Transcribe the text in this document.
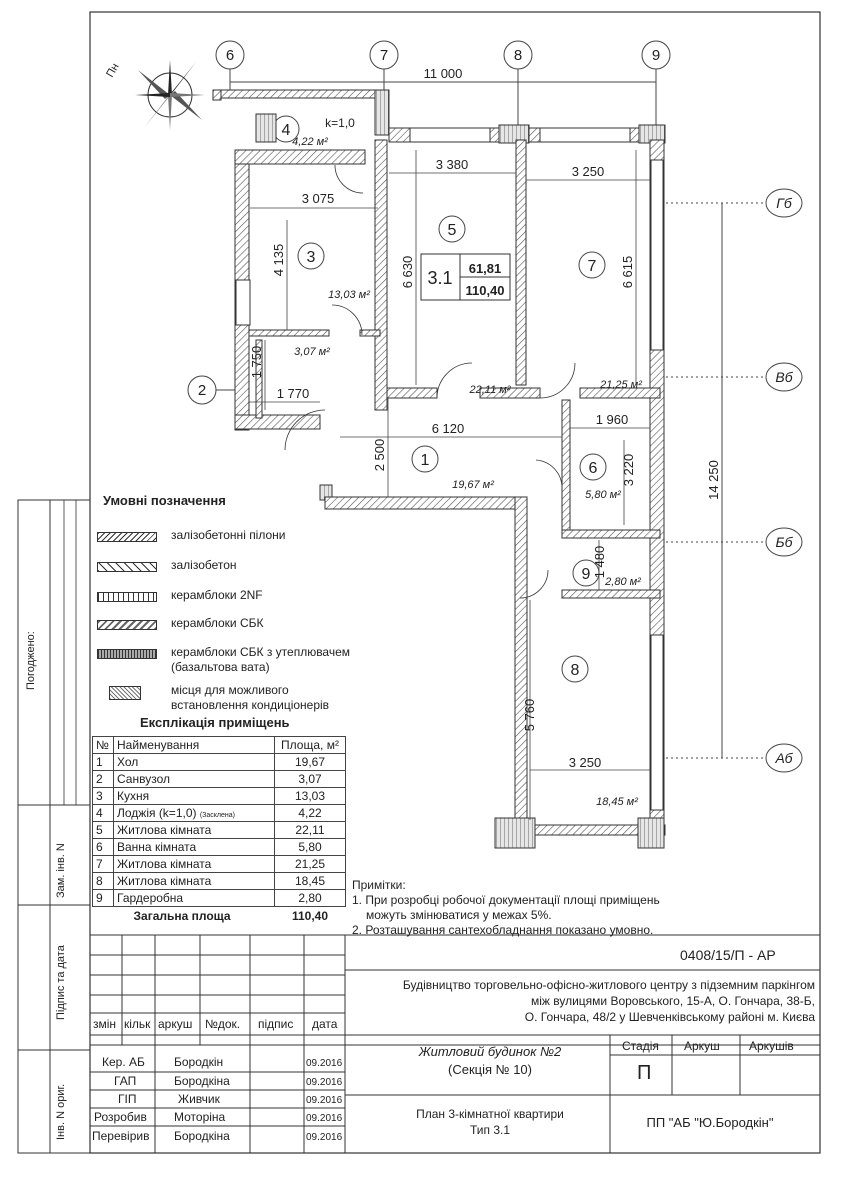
6	7	8	9
2
Гб
Вб
Бб
Аб
Пн	11 000
14 250
3 380	3 250
3 075
4 135	6 630	6 615
1 750
1 770
6 120
1 960
2 500	3 220
1 480
5 760
3 250
k=1,0
1
3
4
5
6
7
8
9
19,67 м²
3,07 м²
13,03 м²
4,22 м²
22,11 м²
5,80 м²
21,25 м²
18,45 м²
2,80 м²
3.1 61,81
110,40
Умовні позначення
залізобетонні пілони
залізобетон
керамблоки 2NF
керамблоки СБК
керамблоки СБК з утеплювачем
(базальтова вата)
місця для можливого
встановлення кондиціонерів
Експлікація приміщень
№	Найменування	Площа, м²
1	Хол	19,67
2	Санвузол	3,07
3	Кухня	13,03
4	Лоджія (k=1,0) (Засклена)	4,22
5	Житлова кімната	22,11
6	Ванна кімната	5,80
7	Житлова кімната	21,25
8	Житлова кімната	18,45
9	Гардеробна	2,80
	Загальна площа	110,40
Примітки:
1. При розробці робочої документації площі приміщень
можуть змінюватися у межах 5%.
2. Розташування сантехобладнання показано умовно.
0408/15/П - АР
Будівництво торговельно-офісно-житлового центру з підземним паркінгом
між вулицями Воровського, 15-А, О. Гончара, 38-Б,
О. Гончара, 48/2 у Шевченківському районі м. Києва
змін кільк аркуш №док. підпис дата
Кер. АБ Бородкін	09.2016
ГАП	Бородкіна	09.2016
ГІП	Живчик	09.2016
Розробив Моторіна	09.2016
Перевірив Бородкіна	09.2016
Житловий будинок №2
(Секція № 10)
План 3-кімнатної квартири
Тип 3.1
Стадія Аркуш Аркушів
П
ПП "АБ "Ю.Бородкін"
Погоджено:
Зам. інв. N
Підпис та дата
Інв. N ориг.
